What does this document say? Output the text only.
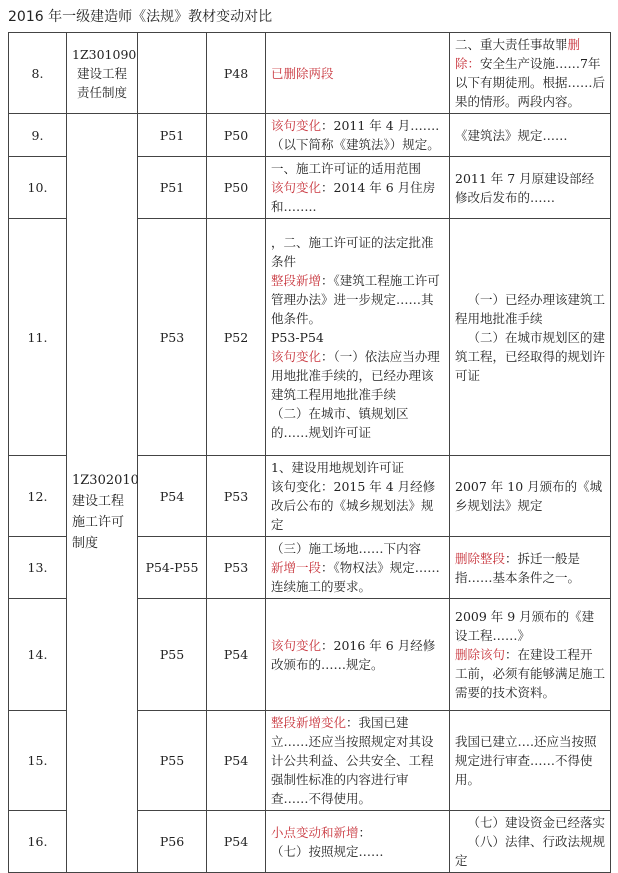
2016 年一级建造师《法规》教材变动对比
8.	1Z301090
建设工程
责任制度		P48	已删除两段	二、重大责任事故罪删除：安全生产设施……7年以下有期徒刑。根据……后果的情形。两段内容。
9.	1Z302010
建设工程
施工许可
制度	P51	P50	该句变化：2011 年 4 月…….（以下简称《建筑法》）规定。	《建筑法》规定……
10.		P51	P50	一、施工许可证的适用范围
该句变化：2014 年 6 月住房和……..	2011 年 7 月原建设部经修改后发布的……
11.		P53	P52	，二、施工许可证的法定批准条件
整段新增：《建筑工程施工许可管理办法》进一步规定……其他条件。
P53-P54
该句变化：（一）依法应当办理用地批准手续的，已经办理该建筑工程用地批准手续
（二）在城市、镇规划区的……规划许可证	（一）已经办理该建筑工程用地批准手续
（二）在城市规划区的建筑工程，已经取得的规划许可证

12.		P54	P53	1、建设用地规划许可证
该句变化：2015 年 4 月经修改后公布的《城乡规划法》规定	2007 年 10 月颁布的《城乡规划法》规定
13.		P54-P55	P53	（三）施工场地……下内容
新增一段：《物权法》规定……连续施工的要求。	删除整段：拆迁一般是指……基本条件之一。
14.		P55	P54	该句变化：2016 年 6 月经修改颁布的……规定。	2009 年 9 月颁布的《建设工程……》
删除该句：在建设工程开工前，必须有能够满足施工需要的技术资料。

15.		P55	P54	整段新增变化：我国已建立……还应当按照规定对其设计公共利益、公共安全、工程强制性标准的内容进行审查……不得使用。	我国已建立….还应当按照规定进行审查……不得使用。
16.		P56	P54	小点变动和新增：
（七）按照规定……	（七）建设资金已经落实
（八）法律、行政法规规定
